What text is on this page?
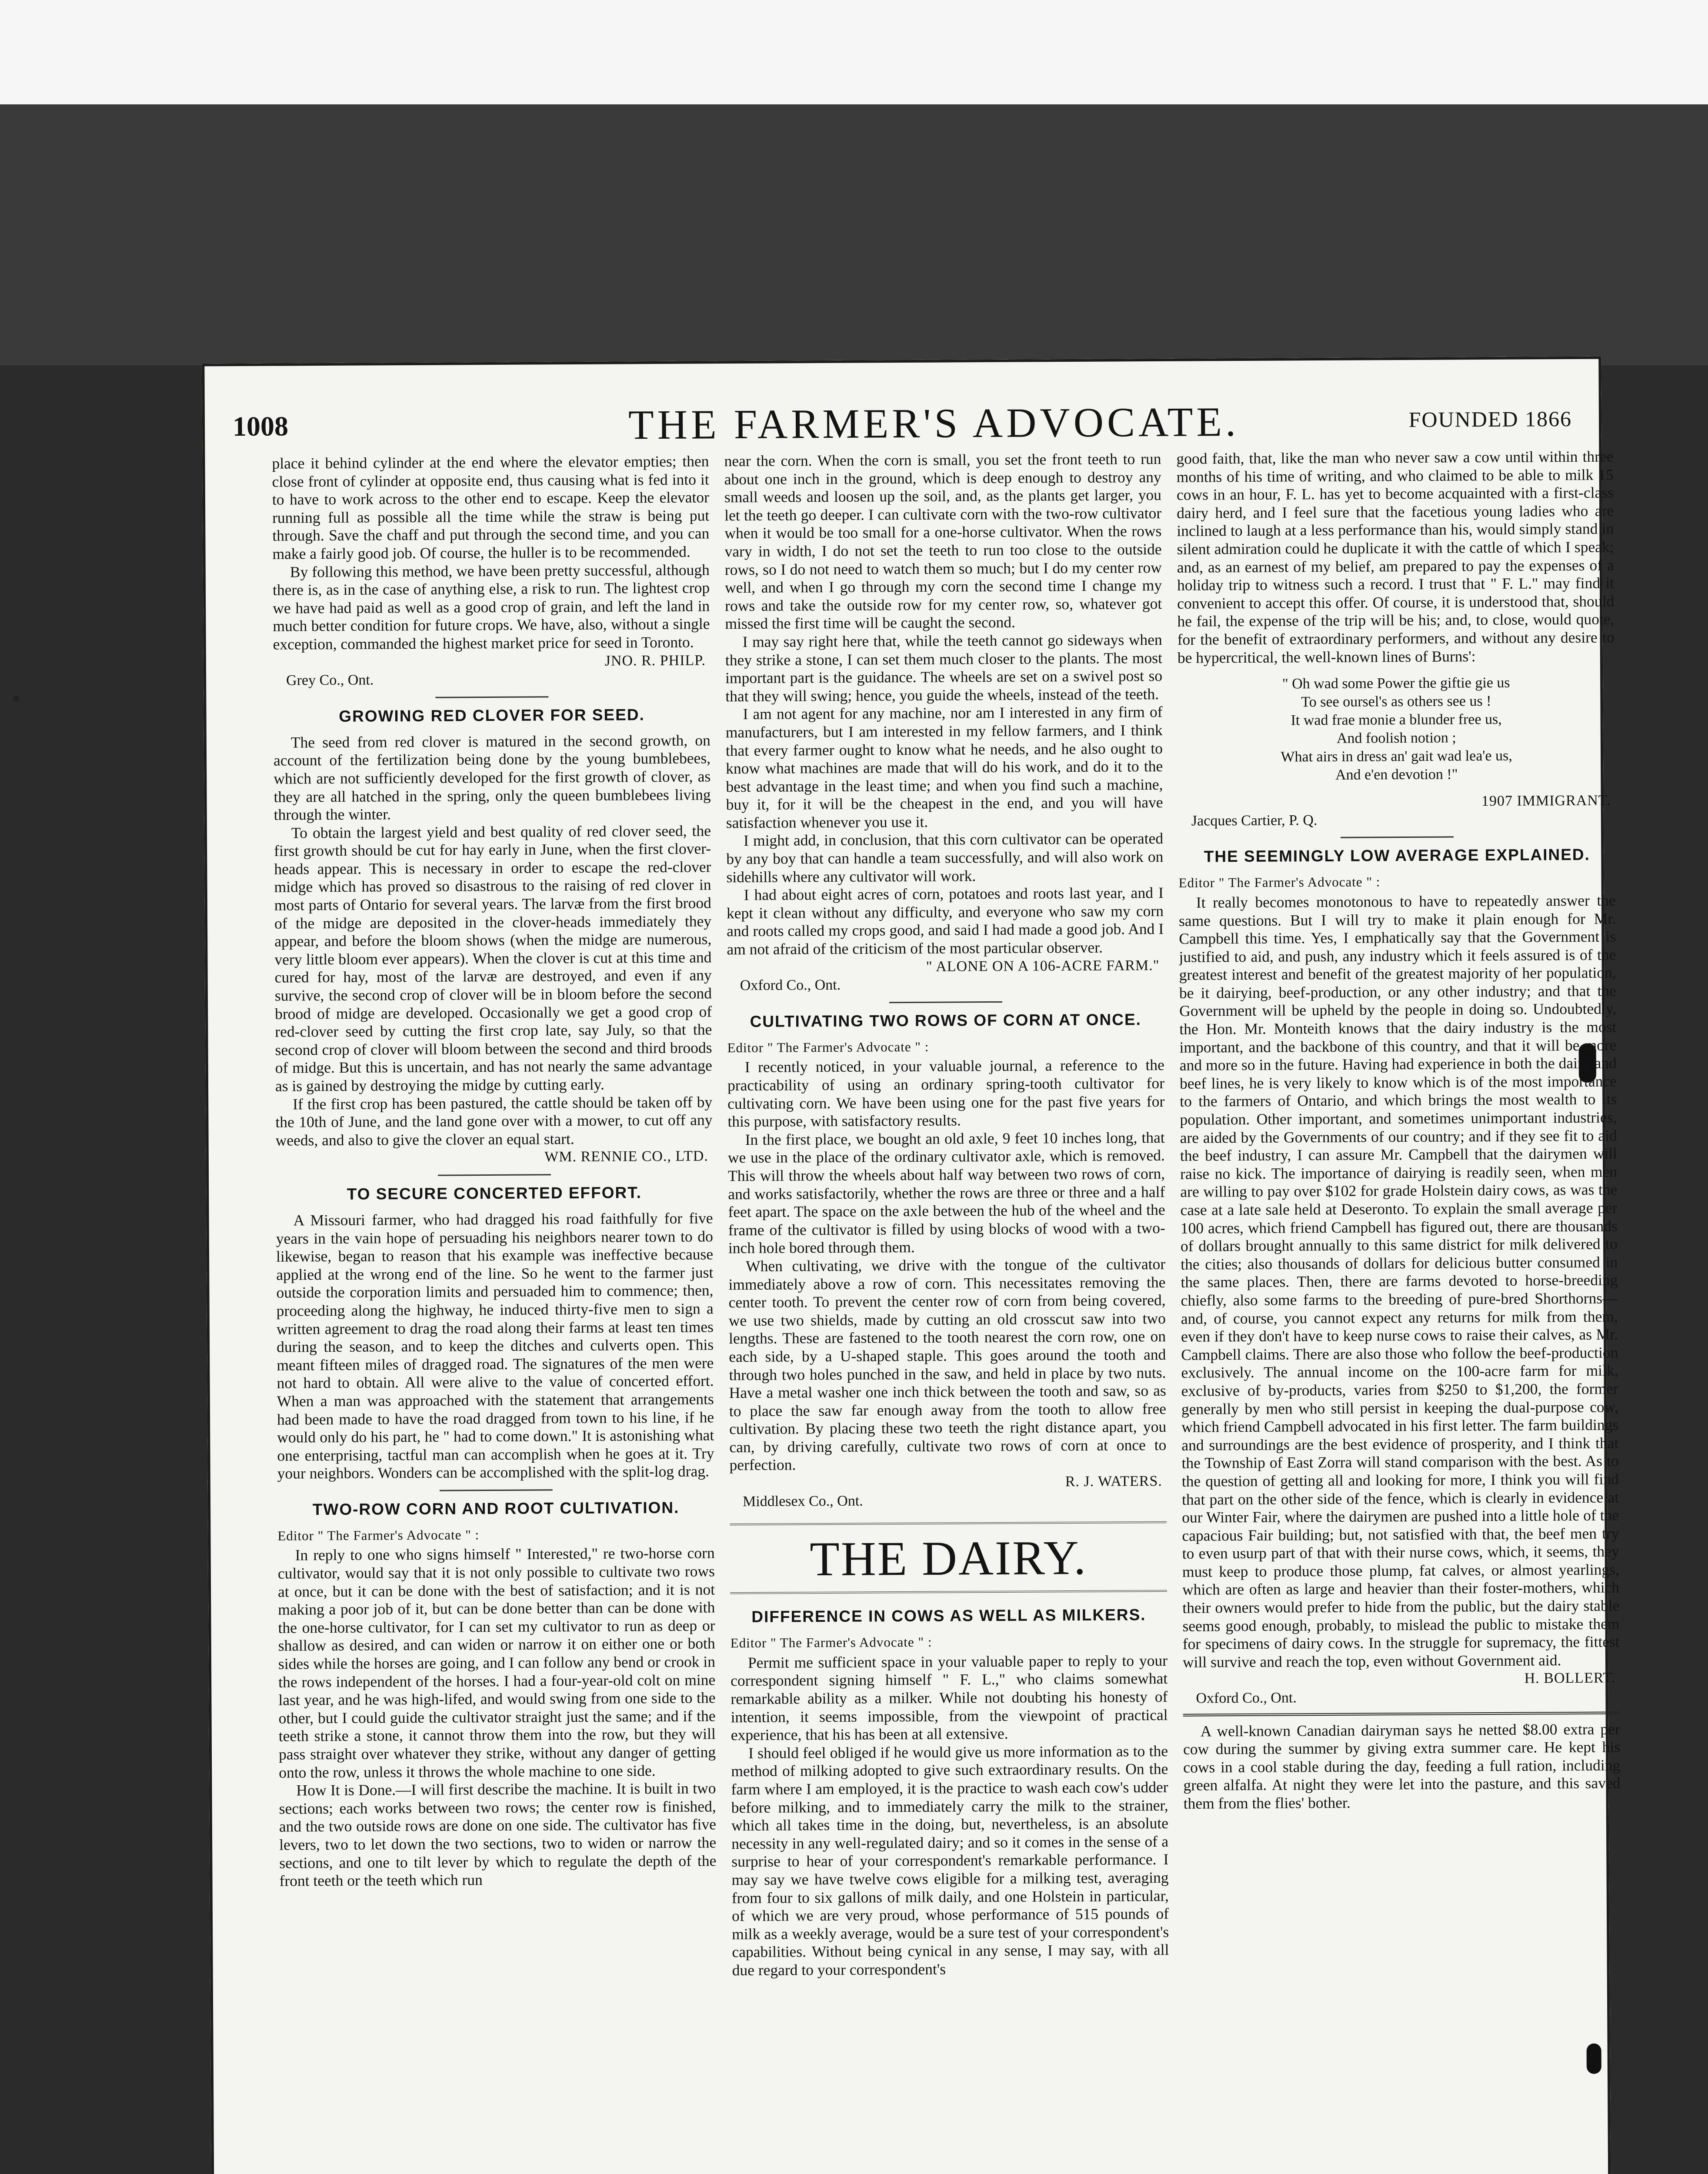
1008	THE FARMER'S ADVOCATE.	FOUNDED 1866

place it behind cylinder at the end where the elevator empties; then close front of cylinder at opposite end, thus causing what is fed into it to have to work across to the other end to escape. Keep the elevator running full as possible all the time while the straw is being put through. Save the chaff and put through the second time, and you can make a fairly good job. Of course, the huller is to be recommended.

By following this method, we have been pretty successful, although there is, as in the case of anything else, a risk to run. The lightest crop we have had paid as well as a good crop of grain, and left the land in much better condition for future crops. We have, also, without a single exception, commanded the highest market price for seed in Toronto.

JNO. R. PHILP.

Grey Co., Ont.

GROWING RED CLOVER FOR SEED.

The seed from red clover is matured in the second growth, on account of the fertilization being done by the young bumblebees, which are not sufficiently developed for the first growth of clover, as they are all hatched in the spring, only the queen bumblebees living through the winter.

To obtain the largest yield and best quality of red clover seed, the first growth should be cut for hay early in June, when the first clover-heads appear. This is necessary in order to escape the red-clover midge which has proved so disastrous to the raising of red clover in most parts of Ontario for several years. The larvæ from the first brood of the midge are deposited in the clover-heads immediately they appear, and before the bloom shows (when the midge are numerous, very little bloom ever appears). When the clover is cut at this time and cured for hay, most of the larvæ are destroyed, and even if any survive, the second crop of clover will be in bloom before the second brood of midge are developed. Occasionally we get a good crop of red-clover seed by cutting the first crop late, say July, so that the second crop of clover will bloom between the second and third broods of midge. But this is uncertain, and has not nearly the same advantage as is gained by destroying the midge by cutting early.

If the first crop has been pastured, the cattle should be taken off by the 10th of June, and the land gone over with a mower, to cut off any weeds, and also to give the clover an equal start.

WM. RENNIE CO., LTD.
TO SECURE CONCERTED EFFORT.

A Missouri farmer, who had dragged his road faithfully for five years in the vain hope of persuading his neighbors nearer town to do likewise, began to reason that his example was ineffective because applied at the wrong end of the line. So he went to the farmer just outside the corporation limits and persuaded him to commence; then, proceeding along the highway, he induced thirty-five men to sign a written agreement to drag the road along their farms at least ten times during the season, and to keep the ditches and culverts open. This meant fifteen miles of dragged road. The signatures of the men were not hard to obtain. All were alive to the value of concerted effort. When a man was approached with the statement that arrangements had been made to have the road dragged from town to his line, if he would only do his part, he " had to come down." It is astonishing what one enterprising, tactful man can accomplish when he goes at it. Try your neighbors. Wonders can be accomplished with the split-log drag.

TWO-ROW CORN AND ROOT CULTIVATION.

Editor " The Farmer's Advocate " :

In reply to one who signs himself " Interested," re two-horse corn cultivator, would say that it is not only possible to cultivate two rows at once, but it can be done with the best of satisfaction; and it is not making a poor job of it, but can be done better than can be done with the one-horse cultivator, for I can set my cultivator to run as deep or shallow as desired, and can widen or narrow it on either one or both sides while the horses are going, and I can follow any bend or crook in the rows independent of the horses. I had a four-year-old colt on mine last year, and he was high-lifed, and would swing from one side to the other, but I could guide the cultivator straight just the same; and if the teeth strike a stone, it cannot throw them into the row, but they will pass straight over whatever they strike, without any danger of getting onto the row, unless it throws the whole machine to one side.

How It is Done.—I will first describe the machine. It is built in two sections; each works between two rows; the center row is finished, and the two outside rows are done on one side. The cultivator has five levers, two to let down the two sections, two to widen or narrow the sections, and one to tilt lever by which to regulate the depth of the front teeth or the teeth which run

near the corn. When the corn is small, you set the front teeth to run about one inch in the ground, which is deep enough to destroy any small weeds and loosen up the soil, and, as the plants get larger, you let the teeth go deeper. I can cultivate corn with the two-row cultivator when it would be too small for a one-horse cultivator. When the rows vary in width, I do not set the teeth to run too close to the outside rows, so I do not need to watch them so much; but I do my center row well, and when I go through my corn the second time I change my rows and take the outside row for my center row, so, whatever got missed the first time will be caught the second.

I may say right here that, while the teeth cannot go sideways when they strike a stone, I can set them much closer to the plants. The most important part is the guidance. The wheels are set on a swivel post so that they will swing; hence, you guide the wheels, instead of the teeth.

I am not agent for any machine, nor am I interested in any firm of manufacturers, but I am interested in my fellow farmers, and I think that every farmer ought to know what he needs, and he also ought to know what machines are made that will do his work, and do it to the best advantage in the least time; and when you find such a machine, buy it, for it will be the cheapest in the end, and you will have satisfaction whenever you use it.

I might add, in conclusion, that this corn cultivator can be operated by any boy that can handle a team successfully, and will also work on sidehills where any cultivator will work.

I had about eight acres of corn, potatoes and roots last year, and I kept it clean without any difficulty, and everyone who saw my corn and roots called my crops good, and said I had made a good job. And I am not afraid of the criticism of the most particular observer.

" ALONE ON A 106-ACRE FARM."

Oxford Co., Ont.

CULTIVATING TWO ROWS OF CORN AT ONCE.

Editor " The Farmer's Advocate " :

I recently noticed, in your valuable journal, a reference to the practicability of using an ordinary spring-tooth cultivator for cultivating corn. We have been using one for the past five years for this purpose, with satisfactory results.

In the first place, we bought an old axle, 9 feet 10 inches long, that we use in the place of the ordinary cultivator axle, which is removed. This will throw the wheels about half way between two rows of corn, and works satisfactorily, whether the rows are three or three and a half feet apart. The space on the axle between the hub of the wheel and the frame of the cultivator is filled by using blocks of wood with a two-inch hole bored through them.

When cultivating, we drive with the tongue of the cultivator immediately above a row of corn. This necessitates removing the center tooth. To prevent the center row of corn from being covered, we use two shields, made by cutting an old crosscut saw into two lengths. These are fastened to the tooth nearest the corn row, one on each side, by a U-shaped staple. This goes around the tooth and through two holes punched in the saw, and held in place by two nuts. Have a metal washer one inch thick between the tooth and saw, so as to place the saw far enough away from the tooth to allow free cultivation. By placing these two teeth the right distance apart, you can, by driving carefully, cultivate two rows of corn at once to perfection.

R. J. WATERS.

Middlesex Co., Ont.

THE DAIRY.
DIFFERENCE IN COWS AS WELL AS MILKERS.

Editor " The Farmer's Advocate " :

Permit me sufficient space in your valuable paper to reply to your correspondent signing himself " F. L.," who claims somewhat remarkable ability as a milker. While not doubting his honesty of intention, it seems impossible, from the viewpoint of practical experience, that his has been at all extensive.

I should feel obliged if he would give us more information as to the method of milking adopted to give such extraordinary results. On the farm where I am employed, it is the practice to wash each cow's udder before milking, and to immediately carry the milk to the strainer, which all takes time in the doing, but, nevertheless, is an absolute necessity in any well-regulated dairy; and so it comes in the sense of a surprise to hear of your correspondent's remarkable performance. I may say we have twelve cows eligible for a milking test, averaging from four to six gallons of milk daily, and one Holstein in particular, of which we are very proud, whose performance of 515 pounds of milk as a weekly average, would be a sure test of your correspondent's capabilities. Without being cynical in any sense, I may say, with all due regard to your correspondent's

good faith, that, like the man who never saw a cow until within three months of his time of writing, and who claimed to be able to milk 15 cows in an hour, F. L. has yet to become acquainted with a first-class dairy herd, and I feel sure that the facetious young ladies who are inclined to laugh at a less performance than his, would simply stand in silent admiration could he duplicate it with the cattle of which I speak; and, as an earnest of my belief, am prepared to pay the expenses of a holiday trip to witness such a record. I trust that " F. L." may find it convenient to accept this offer. Of course, it is understood that, should he fail, the expense of the trip will be his; and, to close, would quote, for the benefit of extraordinary performers, and without any desire to be hypercritical, the well-known lines of Burns':

" Oh wad some Power the giftie gie us
To see oursel's as others see us !
It wad frae monie a blunder free us,
And foolish notion ;
What airs in dress an' gait wad lea'e us,
And e'en devotion !"

1907 IMMIGRANT.

Jacques Cartier, P. Q.

THE SEEMINGLY LOW AVERAGE EXPLAINED.

Editor " The Farmer's Advocate " :

It really becomes monotonous to have to repeatedly answer the same questions. But I will try to make it plain enough for Mr. Campbell this time. Yes, I emphatically say that the Government is justified to aid, and push, any industry which it feels assured is of the greatest interest and benefit of the greatest majority of her population, be it dairying, beef-production, or any other industry; and that the Government will be upheld by the people in doing so. Undoubtedly, the Hon. Mr. Monteith knows that the dairy industry is the most important, and the backbone of this country, and that it will be more and more so in the future. Having had experience in both the dairy and beef lines, he is very likely to know which is of the most importance to the farmers of Ontario, and which brings the most wealth to its population. Other important, and sometimes unimportant industries, are aided by the Governments of our country; and if they see fit to aid the beef industry, I can assure Mr. Campbell that the dairymen will raise no kick. The importance of dairying is readily seen, when men are willing to pay over $102 for grade Holstein dairy cows, as was the case at a late sale held at Deseronto. To explain the small average per 100 acres, which friend Campbell has figured out, there are thousands of dollars brought annually to this same district for milk delivered to the cities; also thousands of dollars for delicious butter consumed in the same places. Then, there are farms devoted to horse-breeding chiefly, also some farms to the breeding of pure-bred Shorthorns—and, of course, you cannot expect any returns for milk from them, even if they don't have to keep nurse cows to raise their calves, as Mr. Campbell claims. There are also those who follow the beef-production exclusively. The annual income on the 100-acre farm for milk, exclusive of by-products, varies from $250 to $1,200, the former generally by men who still persist in keeping the dual-purpose cow, which friend Campbell advocated in his first letter. The farm buildings and surroundings are the best evidence of prosperity, and I think that the Township of East Zorra will stand comparison with the best. As to the question of getting all and looking for more, I think you will find that part on the other side of the fence, which is clearly in evidence at our Winter Fair, where the dairymen are pushed into a little hole of the capacious Fair building; but, not satisfied with that, the beef men try to even usurp part of that with their nurse cows, which, it seems, they must keep to produce those plump, fat calves, or almost yearlings, which are often as large and heavier than their foster-mothers, which their owners would prefer to hide from the public, but the dairy stable seems good enough, probably, to mislead the public to mistake them for specimens of dairy cows. In the struggle for supremacy, the fittest will survive and reach the top, even without Government aid.

H. BOLLERT.

Oxford Co., Ont.

A well-known Canadian dairyman says he netted $8.00 extra per cow during the summer by giving extra summer care. He kept his cows in a cool stable during the day, feeding a full ration, including green alfalfa. At night they were let into the pasture, and this saved them from the flies' bother.
